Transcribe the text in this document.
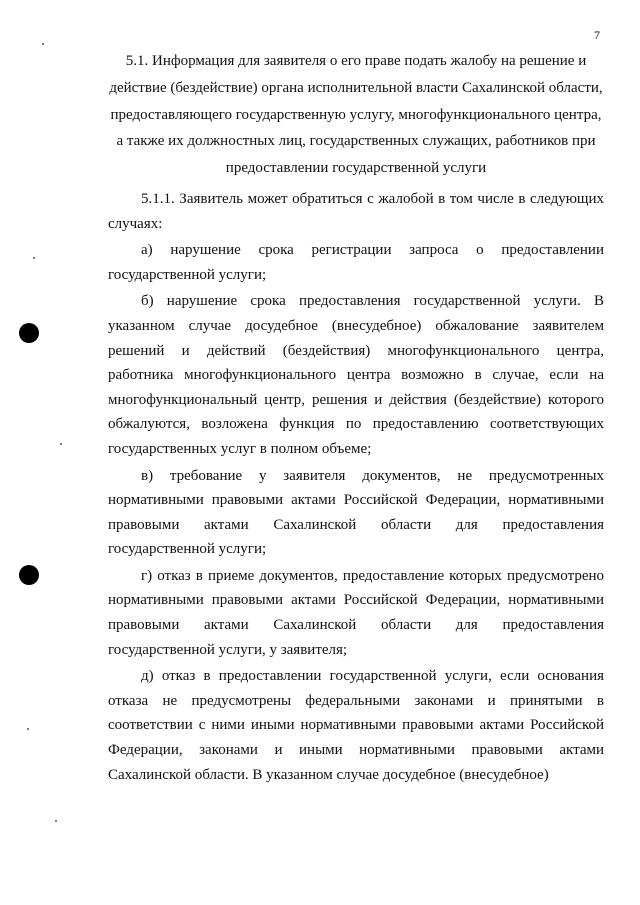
7
5.1. Информация для заявителя о его праве подать жалобу на решение и действие (бездействие) органа исполнительной власти Сахалинской области, предоставляющего государственную услугу, многофункционального центра, а также их должностных лиц, государственных служащих, работников при предоставлении государственной услуги

5.1.1. Заявитель может обратиться с жалобой в том числе в следующих случаях:

а) нарушение срока регистрации запроса о предоставлении государственной услуги;

б) нарушение срока предоставления государственной услуги. В указанном случае досудебное (внесудебное) обжалование заявителем решений и действий (бездействия) многофункционального центра, работника многофункционального центра возможно в случае, если на многофункциональный центр, решения и действия (бездействие) которого обжалуются, возложена функция по предоставлению соответствующих государственных услуг в полном объеме;

в) требование у заявителя документов, не предусмотренных нормативными правовыми актами Российской Федерации, нормативными правовыми актами Сахалинской области для предоставления государственной услуги;

г) отказ в приеме документов, предоставление которых предусмотрено нормативными правовыми актами Российской Федерации, нормативными правовыми актами Сахалинской области для предоставления государственной услуги, у заявителя;

д) отказ в предоставлении государственной услуги, если основания отказа не предусмотрены федеральными законами и принятыми в соответствии с ними иными нормативными правовыми актами Российской Федерации, законами и иными нормативными правовыми актами Сахалинской области. В указанном случае досудебное (внесудебное)
